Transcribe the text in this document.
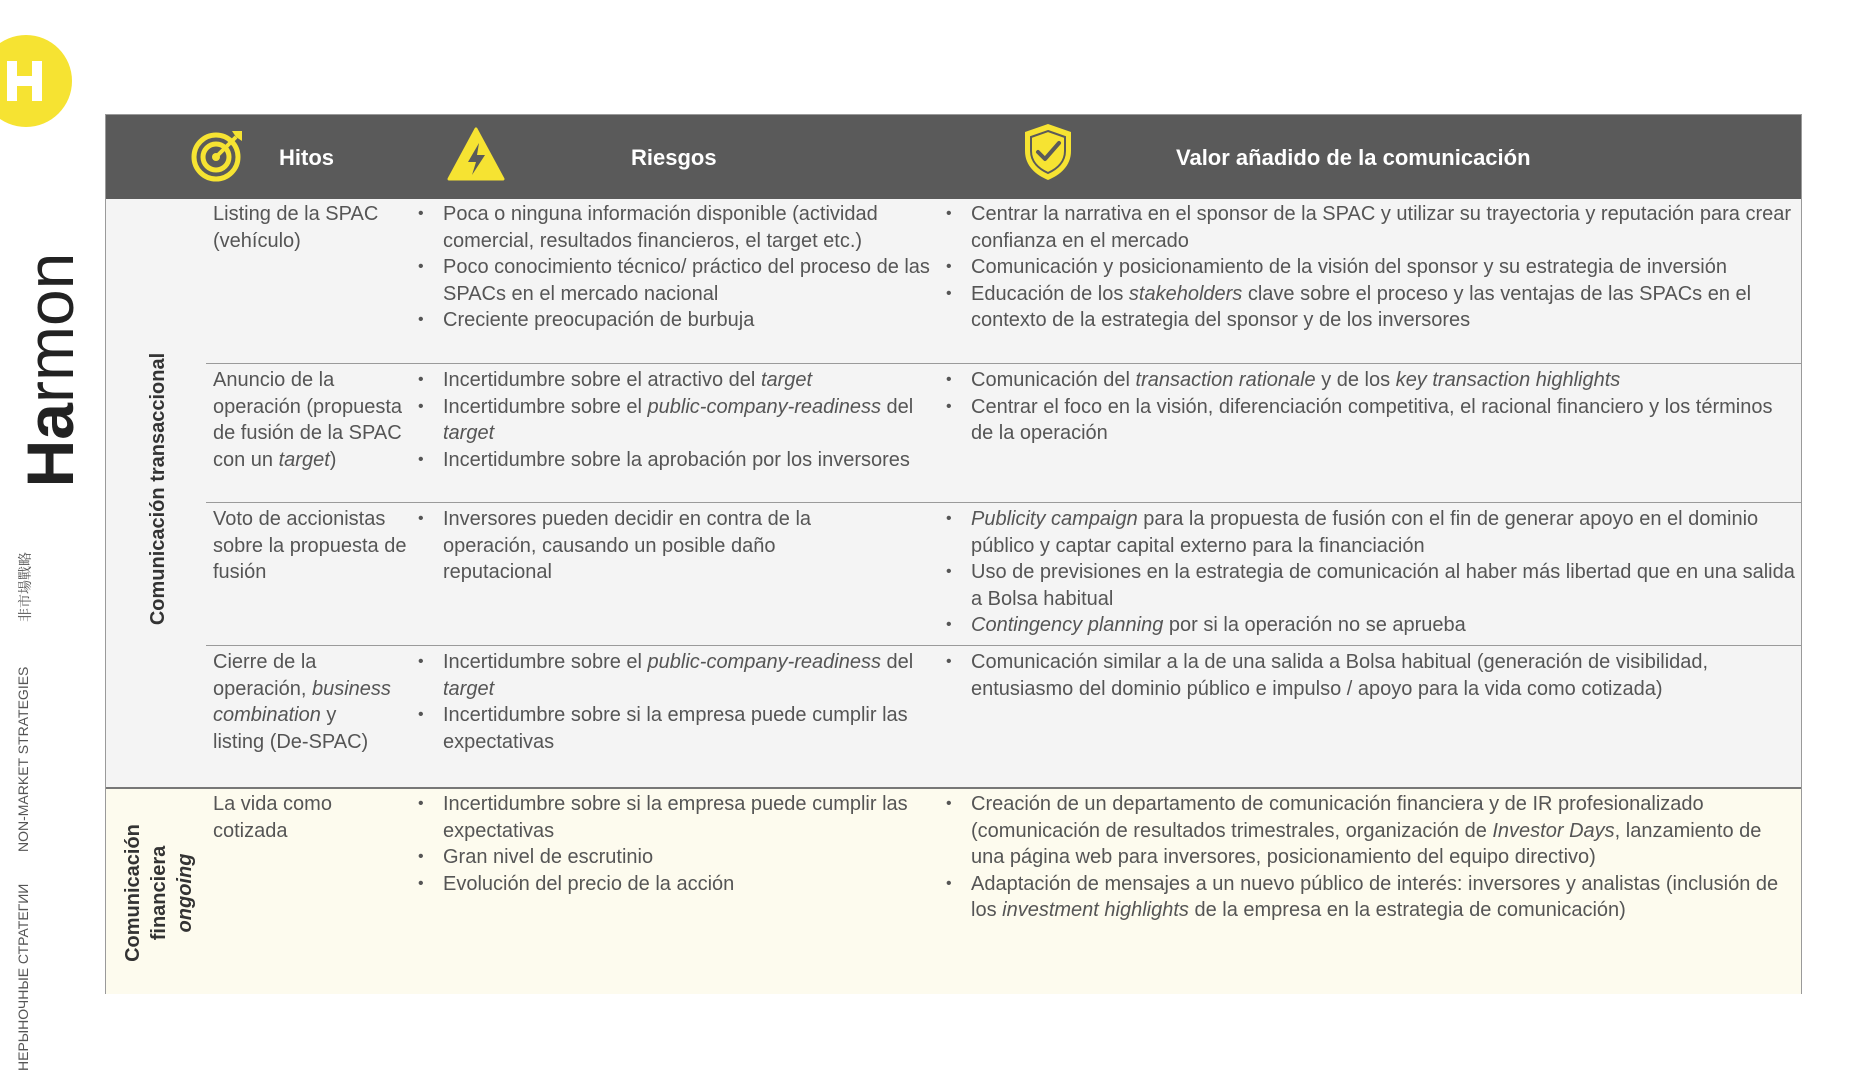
Harmon
非市場戰略
NON-MARKET STRATEGIES
НЕРЫНОЧНЫЕ СТРАТЕГИИ
Hitos	Riesgos	Valor añadido de la comunicación
Comunicación transaccional
Listing de la SPAC (vehículo)
• Poca o ninguna información disponible (actividad comercial, resultados financieros, el target etc.)
• Poco conocimiento técnico/ práctico del proceso de las SPACs en el mercado nacional
• Creciente preocupación de burbuja
• Centrar la narrativa en el sponsor de la SPAC y utilizar su trayectoria y reputación para crear confianza en el mercado
• Comunicación y posicionamiento de la visión del sponsor y su estrategia de inversión
• Educación de los stakeholders clave sobre el proceso y las ventajas de las SPACs en el contexto de la estrategia del sponsor y de los inversores
Anuncio de la operación (propuesta de fusión de la SPAC con un target)
• Incertidumbre sobre el atractivo del target
• Incertidumbre sobre el public-company-readiness del target
• Incertidumbre sobre la aprobación por los inversores
• Comunicación del transaction rationale y de los key transaction highlights
• Centrar el foco en la visión, diferenciación competitiva, el racional financiero y los términos de la operación
Voto de accionistas sobre la propuesta de fusión
• Inversores pueden decidir en contra de la operación, causando un posible daño reputacional
• Publicity campaign para la propuesta de fusión con el fin de generar apoyo en el dominio público y captar capital externo para la financiación
• Uso de previsiones en la estrategia de comunicación al haber más libertad que en una salida a Bolsa habitual
• Contingency planning por si la operación no se aprueba
Cierre de la operación, business combination y listing (De-SPAC)
• Incertidumbre sobre el public-company-readiness del target
• Incertidumbre sobre si la empresa puede cumplir las expectativas
• Comunicación similar a la de una salida a Bolsa habitual (generación de visibilidad, entusiasmo del dominio público e impulso / apoyo para la vida como cotizada)
Comunicación financiera ongoing
La vida como cotizada
• Incertidumbre sobre si la empresa puede cumplir las expectativas
• Gran nivel de escrutinio
• Evolución del precio de la acción
• Creación de un departamento de comunicación financiera y de IR profesionalizado (comunicación de resultados trimestrales, organización de Investor Days, lanzamiento de una página web para inversores, posicionamiento del equipo directivo)
• Adaptación de mensajes a un nuevo público de interés: inversores y analistas (inclusión de los investment highlights de la empresa en la estrategia de comunicación)
